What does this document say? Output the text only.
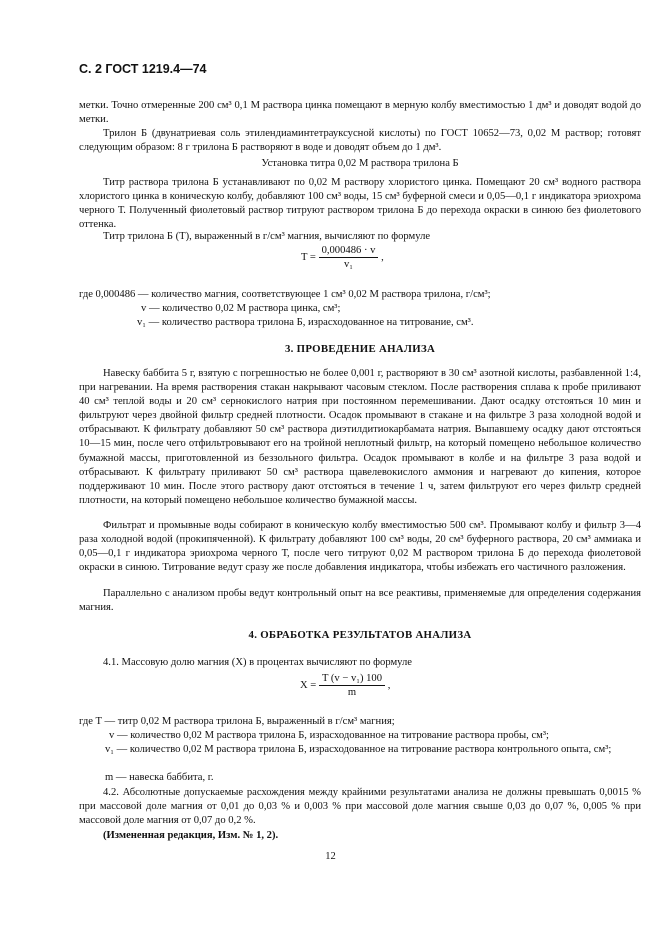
С. 2 ГОСТ 1219.4—74
метки. Точно отмеренные 200 см³ 0,1 М раствора цинка помещают в мерную колбу вместимостью 1 дм³ и доводят водой до метки.
Трилон Б (двунатриевая соль этилендиаминтетрауксусной кислоты) по ГОСТ 10652—73, 0,02 М раствор; готовят следующим образом: 8 г трилона Б растворяют в воде и доводят объем до 1 дм³.
Установка титра 0,02 М раствора трилона Б
Титр раствора трилона Б устанавливают по 0,02 М раствору хлористого цинка. Помещают 20 см³ водного раствора хлористого цинка в коническую колбу, добавляют 100 см³ воды, 15 см³ буферной смеси и 0,05—0,1 г индикатора эриохрома черного Т. Полученный фиолетовый раствор титруют раствором трилона Б до перехода окраски в синюю без фиолетового оттенка.
Титр трилона Б (Т), выраженный в г/см³ магния, вычисляют по формуле
$T = \frac{0,000486 \cdot v}{\text{v₁}}$ ,
где 0,000486 — количество магния, соответствующее 1 см³ 0,02 М раствора трилона, г/см³;
v — количество 0,02 М раствора цинка, см³;
v₁ — количество раствора трилона Б, израсходованное на титрование, см³.
3. ПРОВЕДЕНИЕ АНАЛИЗА
Навеску баббита 5 г, взятую с погрешностью не более 0,001 г, растворяют в 30 см³ азотной кислоты, разбавленной 1:4, при нагревании. На время растворения стакан накрывают часовым стеклом. После растворения сплава к пробе приливают 40 см³ теплой воды и 20 см³ сернокислого натрия при постоянном перемешивании. Дают осадку отстояться 10 мин и фильтруют через двойной фильтр средней плотности. Осадок промывают в стакане и на фильтре 3 раза холодной водой и отбрасывают. К фильтрату добавляют 50 см³ раствора диэтилдитиокарбамата натрия. Выпавшему осадку дают отстояться 10—15 мин, после чего отфильтровывают его на тройной неплотный фильтр, на который помещено небольшое количество бумажной массы, приготовленной из беззольного фильтра. Осадок промывают в колбе и на фильтре 3 раза водой и отбрасывают. К фильтрату приливают 50 см³ раствора щавелевокислого аммония и нагревают до кипения, которое поддерживают 10 мин. После этого раствору дают отстояться в течение 1 ч, затем фильтруют его через фильтр средней плотности, на который помещено небольшое количество бумажной массы.
Фильтрат и промывные воды собирают в коническую колбу вместимостью 500 см³. Промывают колбу и фильтр 3—4 раза холодной водой (прокипяченной). К фильтрату добавляют 100 см³ воды, 20 см³ буферного раствора, 20 см³ аммиака и 0,05—0,1 г индикатора эриохрома черного Т, после чего титруют 0,02 М раствором трилона Б до перехода фиолетовой окраски в синюю. Титрование ведут сразу же после добавления индикатора, чтобы избежать его частичного разложения.
Параллельно с анализом пробы ведут контрольный опыт на все реактивы, применяемые для определения содержания магния.
4. ОБРАБОТКА РЕЗУЛЬТАТОВ АНАЛИЗА
4.1. Массовую долю магния (X) в процентах вычисляют по формуле
$X = \frac{\text{T (v − v₁) 100}}{m}$ ,
где T — титр 0,02 М раствора трилона Б, выраженный в г/см³ магния;
v — количество 0,02 М раствора трилона Б, израсходованное на титрование раствора пробы, см³;
v₁ — количество 0,02 М раствора трилона Б, израсходованное на титрование раствора контрольного опыта, см³;
m — навеска баббита, г.
4.2. Абсолютные допускаемые расхождения между крайними результатами анализа не должны превышать 0,0015 % при массовой доле магния от 0,01 до 0,03 % и 0,003 % при массовой доле магния свыше 0,03 до 0,07 %, 0,005 % при массовой доле магния от 0,07 до 0,2 %.
(Измененная редакция, Изм. № 1, 2).
12
